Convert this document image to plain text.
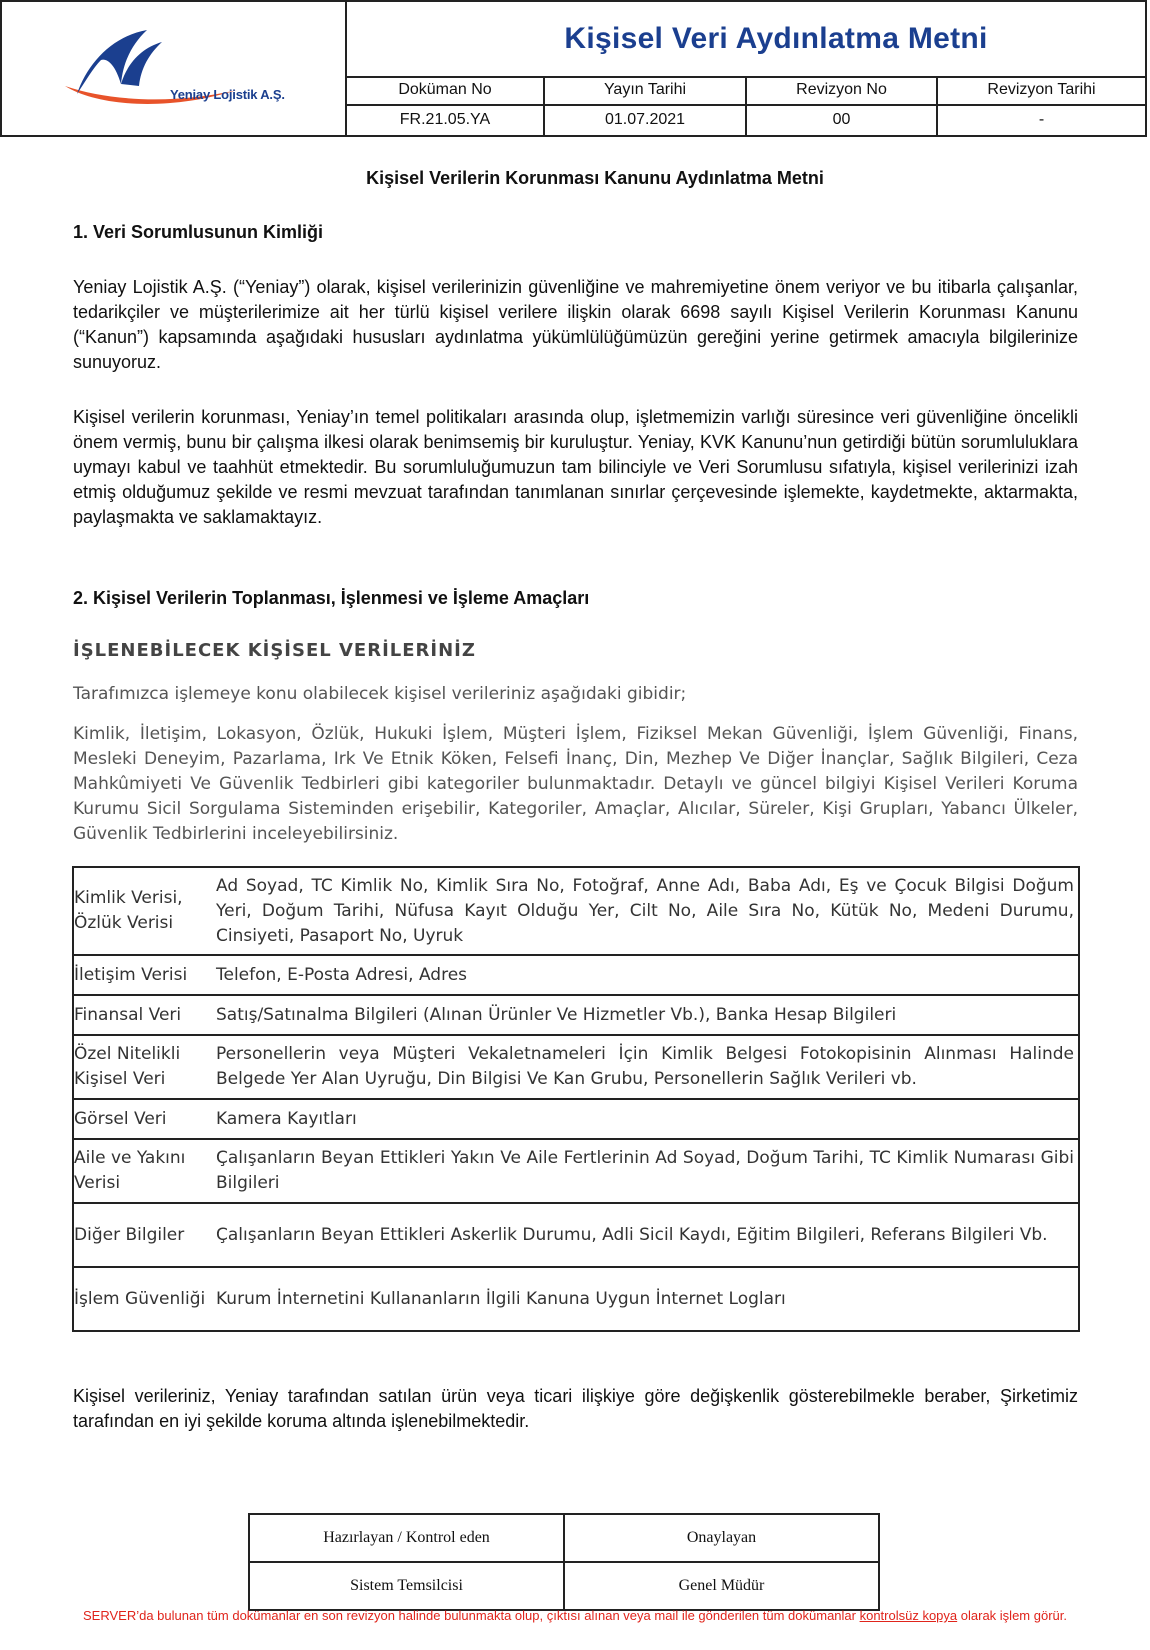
Yeniay Lojistik A.Ş.
Kişisel Veri Aydınlatma Metni
Doküman No	Yayın Tarihi	Revizyon No	Revizyon Tarihi
FR.21.05.YA	01.07.2021	00	-
Kişisel Verilerin Korunması Kanunu Aydınlatma Metni
1. Veri Sorumlusunun Kimliği

Yeniay Lojistik A.Ş. (“Yeniay”) olarak, kişisel verilerinizin güvenliğine ve mahremiyetine önem veriyor ve bu itibarla çalışanlar, tedarikçiler ve müşterilerimize ait her türlü kişisel verilere ilişkin olarak 6698 sayılı Kişisel Verilerin Korunması Kanunu (“Kanun”) kapsamında aşağıdaki hususları aydınlatma yükümlülüğümüzün gereğini yerine getirmek amacıyla bilgilerinize sunuyoruz.

Kişisel verilerin korunması, Yeniay’ın temel politikaları arasında olup, işletmemizin varlığı süresince veri güvenliğine öncelikli önem vermiş, bunu bir çalışma ilkesi olarak benimsemiş bir kuruluştur. Yeniay, KVK Kanunu’nun getirdiği bütün sorumluluklara uymayı kabul ve taahhüt etmektedir. Bu sorumluluğumuzun tam bilinciyle ve Veri Sorumlusu sıfatıyla, kişisel verilerinizi izah etmiş olduğumuz şekilde ve resmi mevzuat tarafından tanımlanan sınırlar çerçevesinde işlemekte, kaydetmekte, aktarmakta, paylaşmakta ve saklamaktayız.

2. Kişisel Verilerin Toplanması, İşlenmesi ve İşleme Amaçları
İŞLENEBİLECEK KİŞİSEL VERİLERİNİZ

Tarafımızca işlemeye konu olabilecek kişisel verileriniz aşağıdaki gibidir;

Kimlik, İletişim, Lokasyon, Özlük, Hukuki İşlem, Müşteri İşlem, Fiziksel Mekan Güvenliği, İşlem Güvenliği, Finans, Mesleki Deneyim, Pazarlama, Irk Ve Etnik Köken, Felsefi İnanç, Din, Mezhep Ve Diğer İnançlar, Sağlık Bilgileri, Ceza Mahkûmiyeti Ve Güvenlik Tedbirleri gibi kategoriler bulunmaktadır. Detaylı ve güncel bilgiyi Kişisel Verileri Koruma Kurumu Sicil Sorgulama Sisteminden erişebilir, Kategoriler, Amaçlar, Alıcılar, Süreler, Kişi Grupları, Yabancı Ülkeler, Güvenlik Tedbirlerini inceleyebilirsiniz.

Kimlik Verisi, Özlük Verisi	Ad Soyad, TC Kimlik No, Kimlik Sıra No, Fotoğraf, Anne Adı, Baba Adı, Eş ve Çocuk Bilgisi Doğum Yeri, Doğum Tarihi, Nüfusa Kayıt Olduğu Yer, Cilt No, Aile Sıra No, Kütük No, Medeni Durumu, Cinsiyeti, Pasaport No, Uyruk
İletişim Verisi	Telefon, E-Posta Adresi, Adres
Finansal Veri	Satış/Satınalma Bilgileri (Alınan Ürünler Ve Hizmetler Vb.), Banka Hesap Bilgileri
Özel Nitelikli Kişisel Veri	Personellerin veya Müşteri Vekaletnameleri İçin Kimlik Belgesi Fotokopisinin Alınması Halinde Belgede Yer Alan Uyruğu, Din Bilgisi Ve Kan Grubu, Personellerin Sağlık Verileri vb.
Görsel Veri	Kamera Kayıtları
Aile ve Yakını Verisi	Çalışanların Beyan Ettikleri Yakın Ve Aile Fertlerinin Ad Soyad, Doğum Tarihi, TC Kimlik Numarası Gibi Bilgileri
Diğer Bilgiler	Çalışanların Beyan Ettikleri Askerlik Durumu, Adli Sicil Kaydı, Eğitim Bilgileri, Referans Bilgileri Vb.
İşlem Güvenliği	Kurum İnternetini Kullananların İlgili Kanuna Uygun İnternet Logları

Kişisel verileriniz, Yeniay tarafından satılan ürün veya ticari ilişkiye göre değişkenlik gösterebilmekle beraber, Şirketimiz tarafından en iyi şekilde koruma altında işlenebilmektedir.

Hazırlayan / Kontrol eden	Onaylayan
Sistem Temsilcisi	Genel Müdür
SERVER’da bulunan tüm dokümanlar en son revizyon halinde bulunmakta olup, çıktısı alınan veya mail ile gönderilen tüm dokümanlar kontrolsüz kopya olarak işlem görür.
